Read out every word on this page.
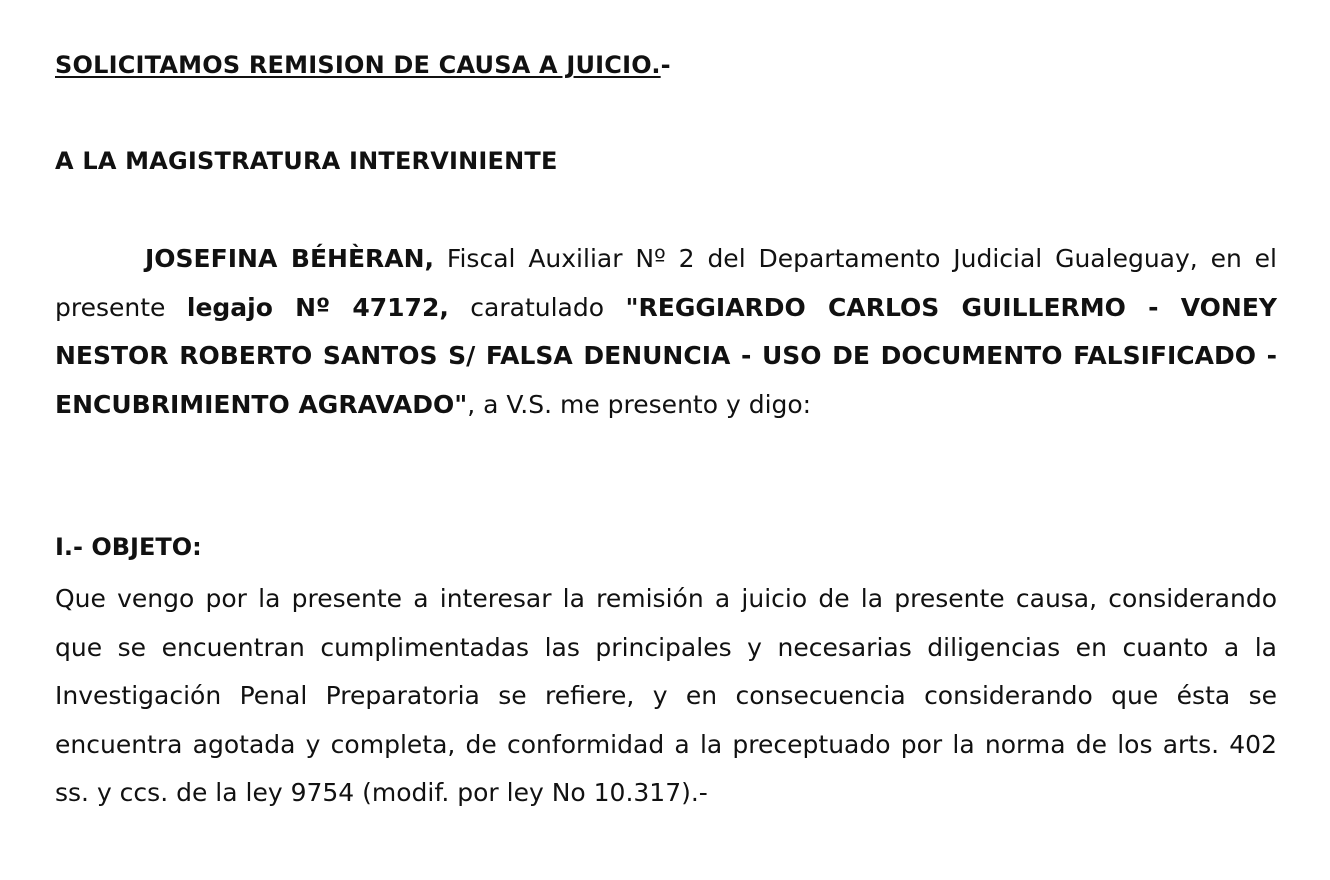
SOLICITAMOS REMISION DE CAUSA A JUICIO.-
A LA MAGISTRATURA INTERVINIENTE

JOSEFINA BÉHÈRAN, Fiscal Auxiliar Nº 2 del Departamento Judicial Gualeguay, en el presente legajo Nº 47172, caratulado "REGGIARDO CARLOS GUILLERMO - VONEY NESTOR ROBERTO SANTOS S/ FALSA DENUNCIA - USO DE DOCUMENTO FALSIFICADO - ENCUBRIMIENTO AGRAVADO", a V.S. me presento y digo:

I.- OBJETO:

Que vengo por la presente a interesar la remisión a juicio de la presente causa, considerando que se encuentran cumplimentadas las principales y necesarias diligencias en cuanto a la Investigación Penal Preparatoria se refiere, y en consecuencia considerando que ésta se encuentra agotada y completa, de conformidad a la preceptuado por la norma de los arts. 402 ss. y ccs. de la ley 9754 (modif. por ley No 10.317).-
